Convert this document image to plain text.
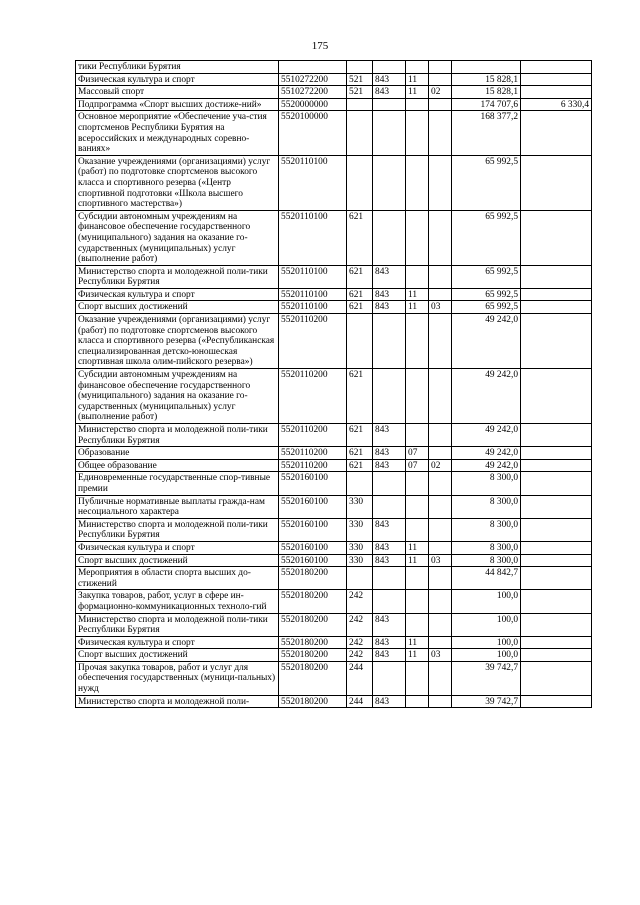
175
тики Республики Бурятия							
Физическая культура и спорт	5510272200	521	843	11		15 828,1	
Массовый спорт	5510272200	521	843	11	02	15 828,1	
Подпрограмма «Спорт высших достиже-ний»	5520000000					174 707,6	6 330,4
Основное мероприятие «Обеспечение уча-стия спортсменов Республики Бурятия на всероссийских и международных соревно-ваниях»	5520100000					168 377,2	
Оказание учреждениями (организациями) услуг (работ) по подготовке спортсменов высокого класса и спортивного резерва («Центр спортивной подготовки «Школа высшего спортивного мастерства»)	5520110100					65 992,5	
Субсидии автономным учреждениям на финансовое обеспечение государственного (муниципального) задания на оказание го-сударственных (муниципальных) услуг (выполнение работ)	5520110100	621				65 992,5	
Министерство спорта и молодежной поли-тики Республики Бурятия	5520110100	621	843			65 992,5	
Физическая культура и спорт	5520110100	621	843	11		65 992,5	
Спорт высших достижений	5520110100	621	843	11	03	65 992,5	
Оказание учреждениями (организациями) услуг (работ) по подготовке спортсменов высокого класса и спортивного резерва («Республиканская специализированная детско-юношеская спортивная школа олим-пийского резерва»)	5520110200					49 242,0	
Субсидии автономным учреждениям на финансовое обеспечение государственного (муниципального) задания на оказание го-сударственных (муниципальных) услуг (выполнение работ)	5520110200	621				49 242,0	
Министерство спорта и молодежной поли-тики Республики Бурятия	5520110200	621	843			49 242,0	
Образование	5520110200	621	843	07		49 242,0	
Общее образование	5520110200	621	843	07	02	49 242,0	
Единовременные государственные спор-тивные премии	5520160100					8 300,0	
Публичные нормативные выплаты гражда-нам несоциального характера	5520160100	330				8 300,0	
Министерство спорта и молодежной поли-тики Республики Бурятия	5520160100	330	843			8 300,0	
Физическая культура и спорт	5520160100	330	843	11		8 300,0	
Спорт высших достижений	5520160100	330	843	11	03	8 300,0	
Мероприятия в области спорта высших до-стижений	5520180200					44 842,7	
Закупка товаров, работ, услуг в сфере ин-формационно-коммуникационных техноло-гий	5520180200	242				100,0	
Министерство спорта и молодежной поли-тики Республики Бурятия	5520180200	242	843			100,0	
Физическая культура и спорт	5520180200	242	843	11		100,0	
Спорт высших достижений	5520180200	242	843	11	03	100,0	
Прочая закупка товаров, работ и услуг для обеспечения государственных (муници-пальных) нужд	5520180200	244				39 742,7	
Министерство спорта и молодежной поли-	5520180200	244	843			39 742,7	
